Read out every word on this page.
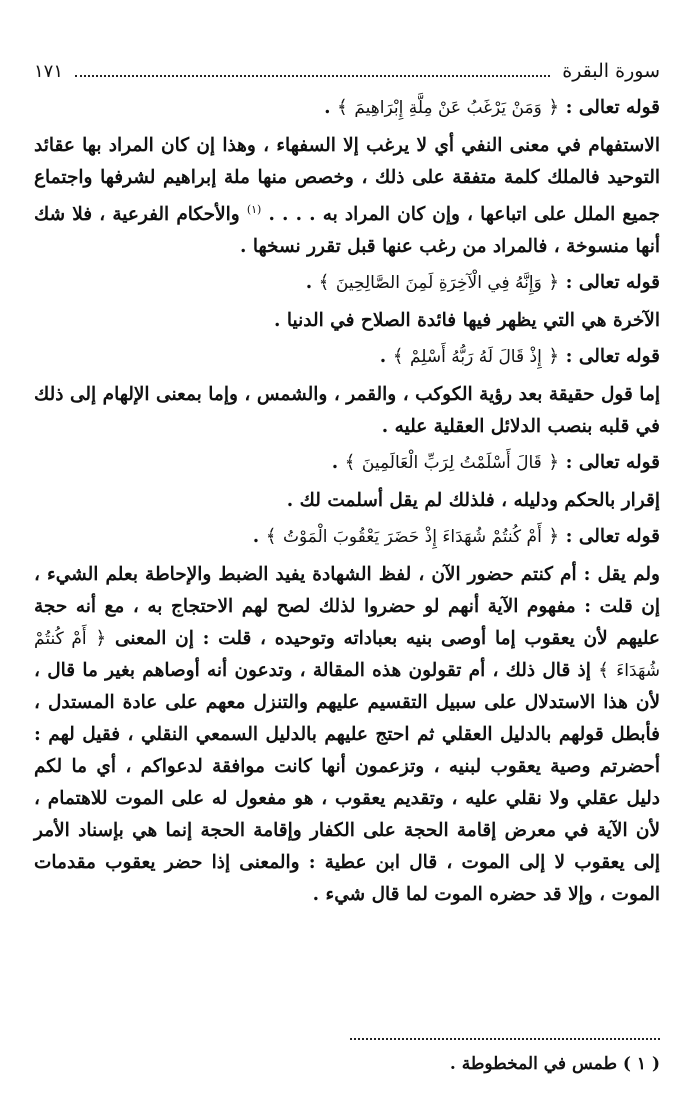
سورة البقرة
١٧١

قوله تعالى : ﴿ وَمَنْ يَرْغَبُ عَنْ مِلَّةِ إِبْرَاهِيمَ ﴾ .

الاستفهام في معنى النفي أي لا يرغب إلا السفهاء ، وهذا إن كان المراد بها عقائد التوحيد فالملك كلمة متفقة على ذلك ، وخصص منها ملة إبراهيم لشرفها واجتماع جميع الملل على اتباعها ، وإن كان المراد به . . . . $^{(١)}$ والأحكام الفرعية ، فلا شك أنها منسوخة ، فالمراد من رغب عنها قبل تقرر نسخها .

قوله تعالى : ﴿ وَإِنَّهُ فِي الْآخِرَةِ لَمِنَ الصَّالِحِينَ ﴾ .

الآخرة هي التي يظهر فيها فائدة الصلاح في الدنيا .

قوله تعالى : ﴿ إِذْ قَالَ لَهُ رَبُّهُ أَسْلِمْ ﴾ .

إما قول حقيقة بعد رؤية الكوكب ، والقمر ، والشمس ، وإما بمعنى الإلهام إلى ذلك في قلبه بنصب الدلائل العقلية عليه .

قوله تعالى : ﴿ قَالَ أَسْلَمْتُ لِرَبِّ الْعَالَمِينَ ﴾ .

إقرار بالحكم ودليله ، فلذلك لم يقل أسلمت لك .

قوله تعالى : ﴿ أَمْ كُنتُمْ شُهَدَاءَ إِذْ حَضَرَ يَعْقُوبَ الْمَوْتُ ﴾ .

ولم يقل : أم كنتم حضور الآن ، لفظ الشهادة يفيد الضبط والإحاطة بعلم الشيء ، إن قلت : مفهوم الآية أنهم لو حضروا لذلك لصح لهم الاحتجاج به ، مع أنه حجة عليهم لأن يعقوب إما أوصى بنيه بعباداته وتوحيده ، قلت : إن المعنى ﴿ أَمْ كُنتُمْ شُهَدَاءَ ﴾ إذ قال ذلك ، أم تقولون هذه المقالة ، وتدعون أنه أوصاهم بغير ما قال ، لأن هذا الاستدلال على سبيل التقسيم عليهم والتنزل معهم على عادة المستدل ، فأبطل قولهم بالدليل العقلي ثم احتج عليهم بالدليل السمعي النقلي ، فقيل لهم : أحضرتم وصية يعقوب لبنيه ، وتزعمون أنها كانت موافقة لدعواكم ، أي ما لكم دليل عقلي ولا نقلي عليه ، وتقديم يعقوب ، هو مفعول له على الموت للاهتمام ، لأن الآية في معرض إقامة الحجة على الكفار وإقامة الحجة إنما هي بإسناد الأمر إلى يعقوب لا إلى الموت ، قال ابن عطية : والمعنى إذا حضر يعقوب مقدمات الموت ، وإلا قد حضره الموت لما قال شيء .

( ١ ) طمس في المخطوطة .
